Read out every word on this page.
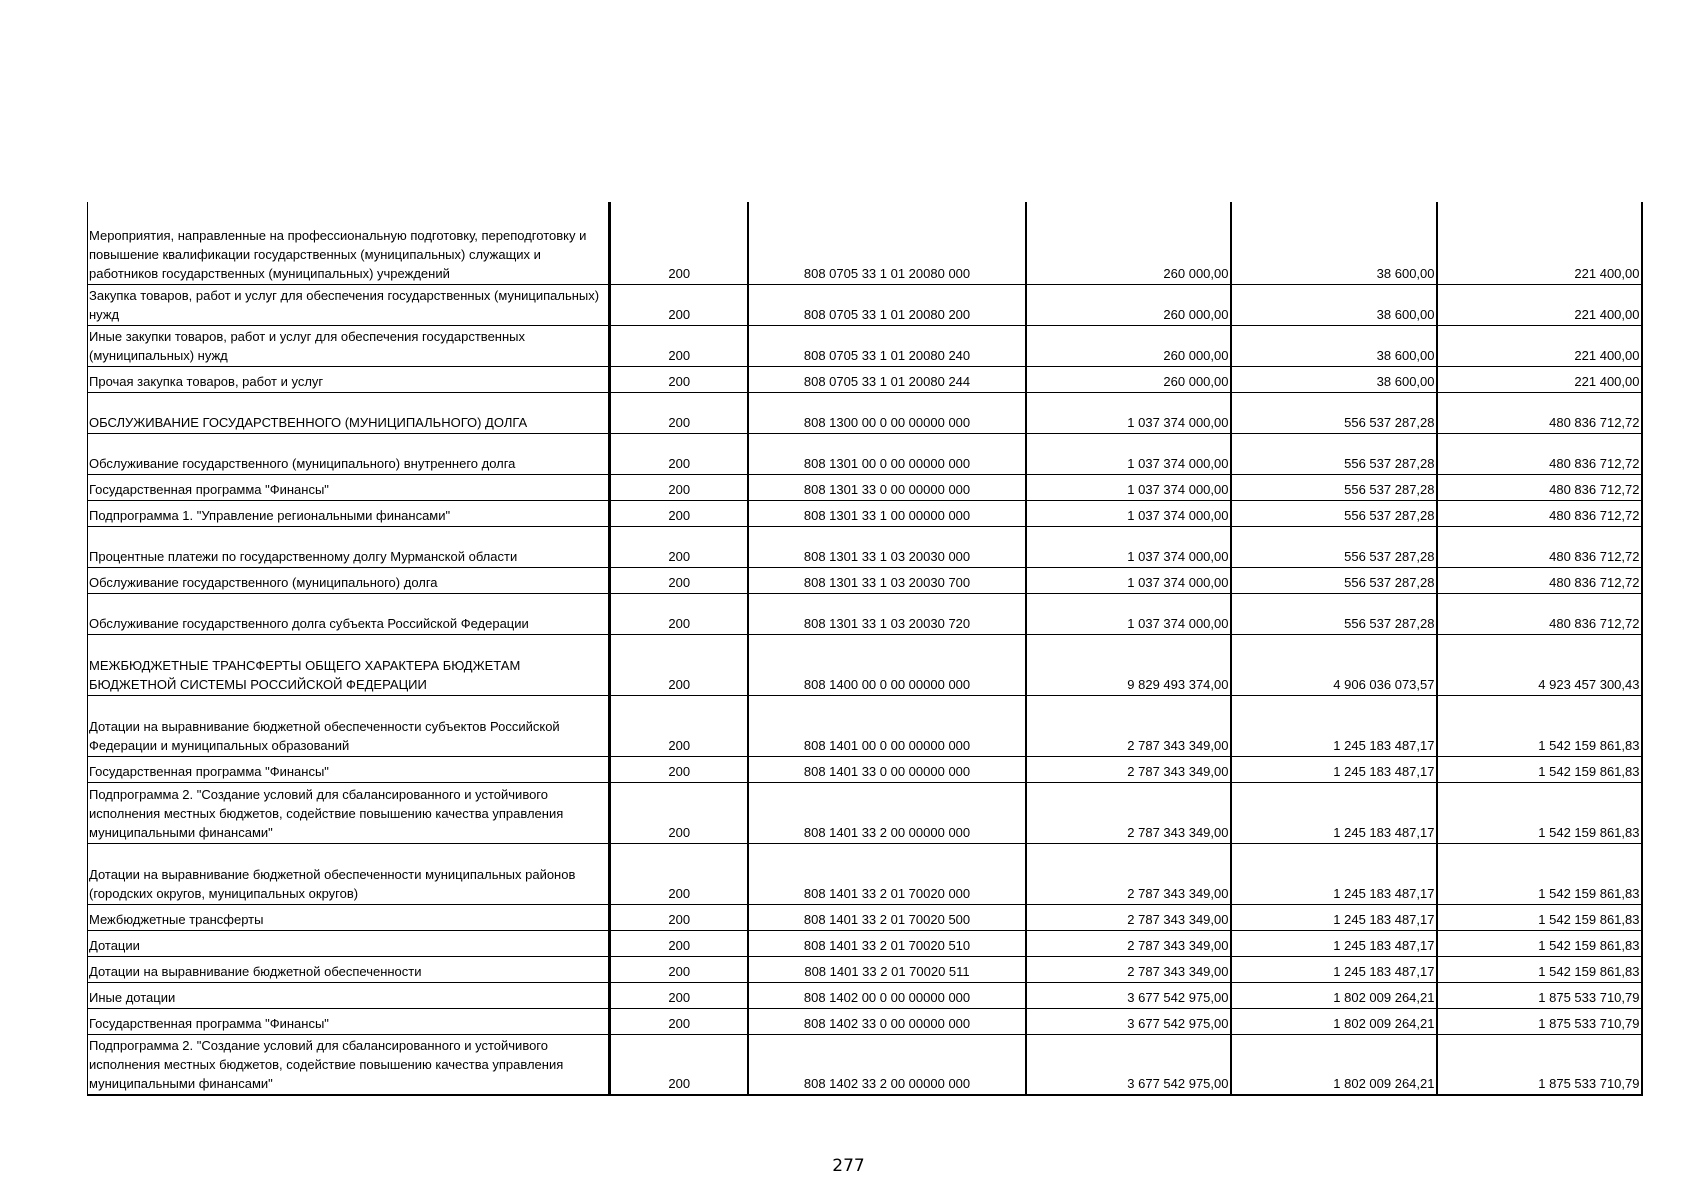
Мероприятия, направленные на профессиональную подготовку, переподготовку и повышение квалификации государственных (муниципальных) служащих и работников государственных (муниципальных) учреждений	200	808 0705 33 1 01 20080 000	260 000,00	38 600,00	221 400,00
Закупка товаров, работ и услуг для обеспечения государственных (муниципальных) нужд	200	808 0705 33 1 01 20080 200	260 000,00	38 600,00	221 400,00
Иные закупки товаров, работ и услуг для обеспечения государственных (муниципальных) нужд	200	808 0705 33 1 01 20080 240	260 000,00	38 600,00	221 400,00
Прочая закупка товаров, работ и услуг	200	808 0705 33 1 01 20080 244	260 000,00	38 600,00	221 400,00
ОБСЛУЖИВАНИЕ ГОСУДАРСТВЕННОГО (МУНИЦИПАЛЬНОГО) ДОЛГА	200	808 1300 00 0 00 00000 000	1 037 374 000,00	556 537 287,28	480 836 712,72
Обслуживание государственного (муниципального) внутреннего долга	200	808 1301 00 0 00 00000 000	1 037 374 000,00	556 537 287,28	480 836 712,72
Государственная программа "Финансы"	200	808 1301 33 0 00 00000 000	1 037 374 000,00	556 537 287,28	480 836 712,72
Подпрограмма 1. "Управление региональными финансами"	200	808 1301 33 1 00 00000 000	1 037 374 000,00	556 537 287,28	480 836 712,72
Процентные платежи по государственному долгу Мурманской области	200	808 1301 33 1 03 20030 000	1 037 374 000,00	556 537 287,28	480 836 712,72
Обслуживание государственного (муниципального) долга	200	808 1301 33 1 03 20030 700	1 037 374 000,00	556 537 287,28	480 836 712,72
Обслуживание государственного долга субъекта Российской Федерации	200	808 1301 33 1 03 20030 720	1 037 374 000,00	556 537 287,28	480 836 712,72
МЕЖБЮДЖЕТНЫЕ ТРАНСФЕРТЫ ОБЩЕГО ХАРАКТЕРА БЮДЖЕТАМ БЮДЖЕТНОЙ СИСТЕМЫ РОССИЙСКОЙ ФЕДЕРАЦИИ	200	808 1400 00 0 00 00000 000	9 829 493 374,00	4 906 036 073,57	4 923 457 300,43
Дотации на выравнивание бюджетной обеспеченности субъектов Российской Федерации и муниципальных образований	200	808 1401 00 0 00 00000 000	2 787 343 349,00	1 245 183 487,17	1 542 159 861,83
Государственная программа "Финансы"	200	808 1401 33 0 00 00000 000	2 787 343 349,00	1 245 183 487,17	1 542 159 861,83
Подпрограмма 2. "Создание условий для сбалансированного и устойчивого исполнения местных бюджетов, содействие повышению качества управления муниципальными финансами"	200	808 1401 33 2 00 00000 000	2 787 343 349,00	1 245 183 487,17	1 542 159 861,83
Дотации на выравнивание бюджетной обеспеченности муниципальных районов (городских округов, муниципальных округов)	200	808 1401 33 2 01 70020 000	2 787 343 349,00	1 245 183 487,17	1 542 159 861,83
Межбюджетные трансферты	200	808 1401 33 2 01 70020 500	2 787 343 349,00	1 245 183 487,17	1 542 159 861,83
Дотации	200	808 1401 33 2 01 70020 510	2 787 343 349,00	1 245 183 487,17	1 542 159 861,83
Дотации на выравнивание бюджетной обеспеченности	200	808 1401 33 2 01 70020 511	2 787 343 349,00	1 245 183 487,17	1 542 159 861,83
Иные дотации	200	808 1402 00 0 00 00000 000	3 677 542 975,00	1 802 009 264,21	1 875 533 710,79
Государственная программа "Финансы"	200	808 1402 33 0 00 00000 000	3 677 542 975,00	1 802 009 264,21	1 875 533 710,79
Подпрограмма 2. "Создание условий для сбалансированного и устойчивого исполнения местных бюджетов, содействие повышению качества управления муниципальными финансами"	200	808 1402 33 2 00 00000 000	3 677 542 975,00	1 802 009 264,21	1 875 533 710,79
277
